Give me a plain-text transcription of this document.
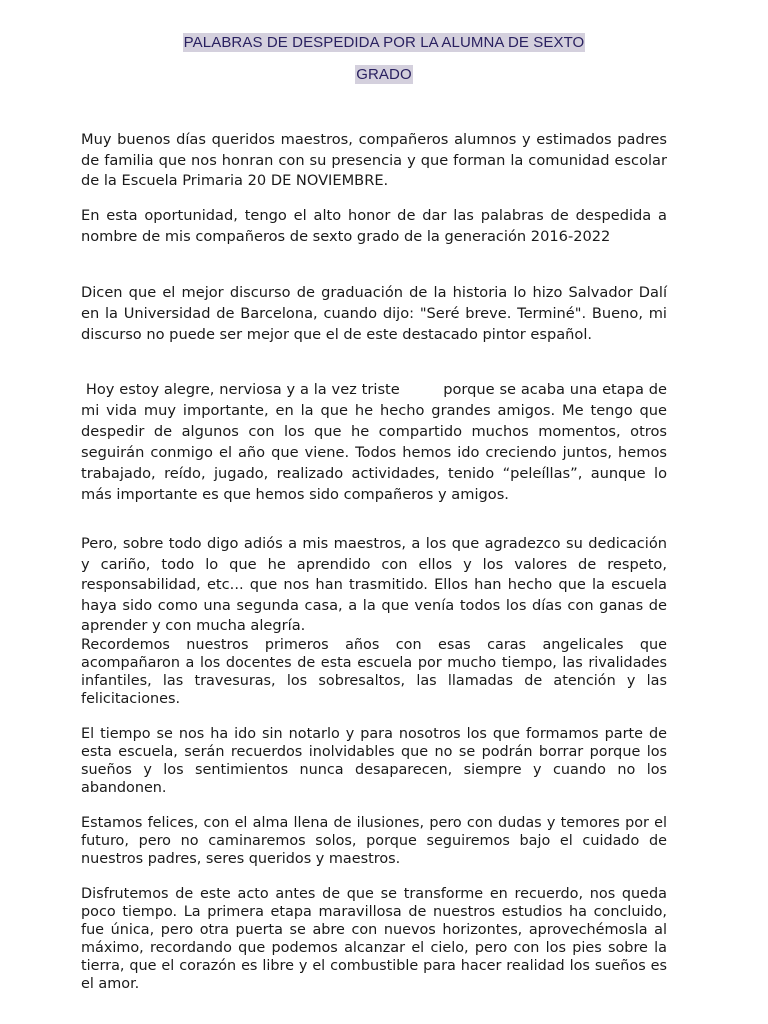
PALABRAS DE DESPEDIDA POR LA ALUMNA DE SEXTO
GRADO

Muy buenos días queridos maestros, compañeros alumnos y estimados padres de familia que nos honran con su presencia y que forman la comunidad escolar de la Escuela Primaria 20 DE NOVIEMBRE.

En esta oportunidad, tengo el alto honor de dar las palabras de despedida a nombre de mis compañeros de sexto grado de la generación 2016-2022

Dicen que el mejor discurso de graduación de la historia lo hizo Salvador Dalí en la Universidad de Barcelona, cuando dijo: "Seré breve. Terminé". Bueno, mi discurso no puede ser mejor que el de este destacado pintor español.

Hoy estoy alegre, nerviosa y a la vez triste         porque se acaba una etapa de mi vida muy importante, en la que he hecho grandes amigos. Me tengo que despedir de algunos con los que he compartido muchos momentos, otros seguirán conmigo el año que viene. Todos hemos ido creciendo juntos, hemos trabajado, reído, jugado, realizado actividades, tenido “peleíllas”, aunque lo más importante es que hemos sido compañeros y amigos.

Pero, sobre todo digo adiós a mis maestros, a los que agradezco su dedicación y cariño, todo lo que he aprendido con ellos y los valores de respeto, responsabilidad, etc... que nos han trasmitido. Ellos han hecho que la escuela haya sido como una segunda casa, a la que venía todos los días con ganas de aprender y con mucha alegría.

Recordemos nuestros primeros años con esas caras angelicales que acompañaron a los docentes de esta escuela por mucho tiempo, las rivalidades infantiles, las travesuras, los sobresaltos, las llamadas de atención y las felicitaciones.

El tiempo se nos ha ido sin notarlo y para nosotros los que formamos parte de esta escuela, serán recuerdos inolvidables que no se podrán borrar porque los sueños y los sentimientos nunca desaparecen, siempre y cuando no los abandonen.

Estamos felices, con el alma llena de ilusiones, pero con dudas y temores por el futuro, pero no caminaremos solos, porque seguiremos bajo el cuidado de nuestros padres, seres queridos y maestros.

Disfrutemos de este acto antes de que se transforme en recuerdo, nos queda poco tiempo. La primera etapa maravillosa de nuestros estudios ha concluido, fue única, pero otra puerta se abre con nuevos horizontes, aprovechémosla al máximo, recordando que podemos alcanzar el cielo, pero con los pies sobre la tierra, que el corazón es libre y el combustible para hacer realidad los sueños es el amor.
